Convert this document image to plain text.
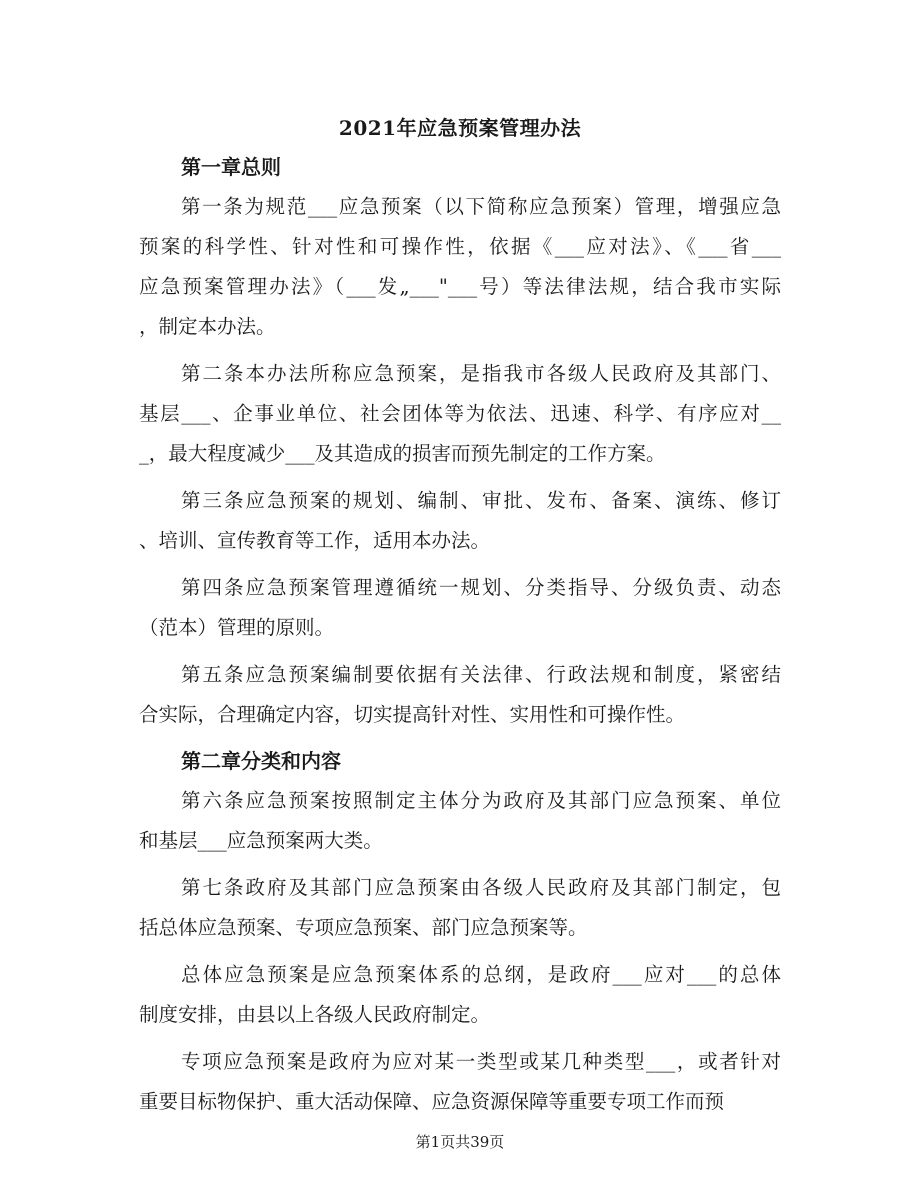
2021年应急预案管理办法
第一章总则
第一条为规范___应急预案（以下简称应急预案）管理，增强应急
预案的科学性、针对性和可操作性，依据《___应对法》、《___省___
应急预案管理办法》（___发„___"___号）等法律法规，结合我市实际
，制定本办法。
第二条本办法所称应急预案，是指我市各级人民政府及其部门、
基层___、企事业单位、社会团体等为依法、迅速、科学、有序应对__
_，最大程度减少___及其造成的损害而预先制定的工作方案。
第三条应急预案的规划、编制、审批、发布、备案、演练、修订
、培训、宣传教育等工作，适用本办法。
第四条应急预案管理遵循统一规划、分类指导、分级负责、动态
（范本）管理的原则。
第五条应急预案编制要依据有关法律、行政法规和制度，紧密结
合实际，合理确定内容，切实提高针对性、实用性和可操作性。
第二章分类和内容
第六条应急预案按照制定主体分为政府及其部门应急预案、单位
和基层___应急预案两大类。
第七条政府及其部门应急预案由各级人民政府及其部门制定，包
括总体应急预案、专项应急预案、部门应急预案等。
总体应急预案是应急预案体系的总纲，是政府___应对___的总体
制度安排，由县以上各级人民政府制定。
专项应急预案是政府为应对某一类型或某几种类型___，或者针对
重要目标物保护、重大活动保障、应急资源保障等重要专项工作而预
第1页共39页
